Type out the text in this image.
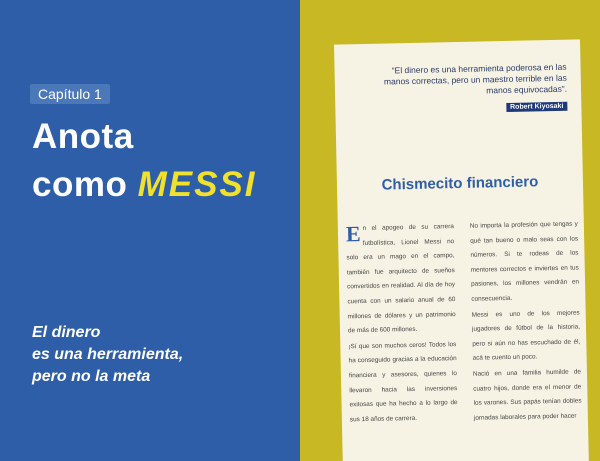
Capítulo 1
Anota
como MESSI
El dinero
es una herramienta,
pero no la meta
“El dinero es una herramienta poderosa en las manos correctas, pero un maestro terrible en las manos equivocadas”.
Robert Kiyosaki
Chismecito financiero

En el apogeo de su carrera futbolística, Lionel Messi no solo era un mago en el campo, también fue arquitecto de sueños convertidos en realidad. Al día de hoy cuenta con un salario anual de 60 millones de dólares y un patrimonio de más de 600 millones.

¡Sí que son muchos ceros! Todos los ha conseguido gracias a la educación financiera y asesores, quienes lo llevaron hacia las inversiones exitosas que ha hecho a lo largo de sus 18 años de carrera.

No importa la profesión que tengas y qué tan bueno o malo seas con los números. Si te rodeas de los mentores correctos e inviertes en tus pasiones, los millones vendrán en consecuencia.

Messi es uno de los mejores jugadores de fútbol de la historia, pero si aún no has escuchado de él, acá te cuento un poco.

Nació en una familia humilde de cuatro hijos, donde era el menor de los varones. Sus papás tenían dobles jornadas laborales para poder hacer
